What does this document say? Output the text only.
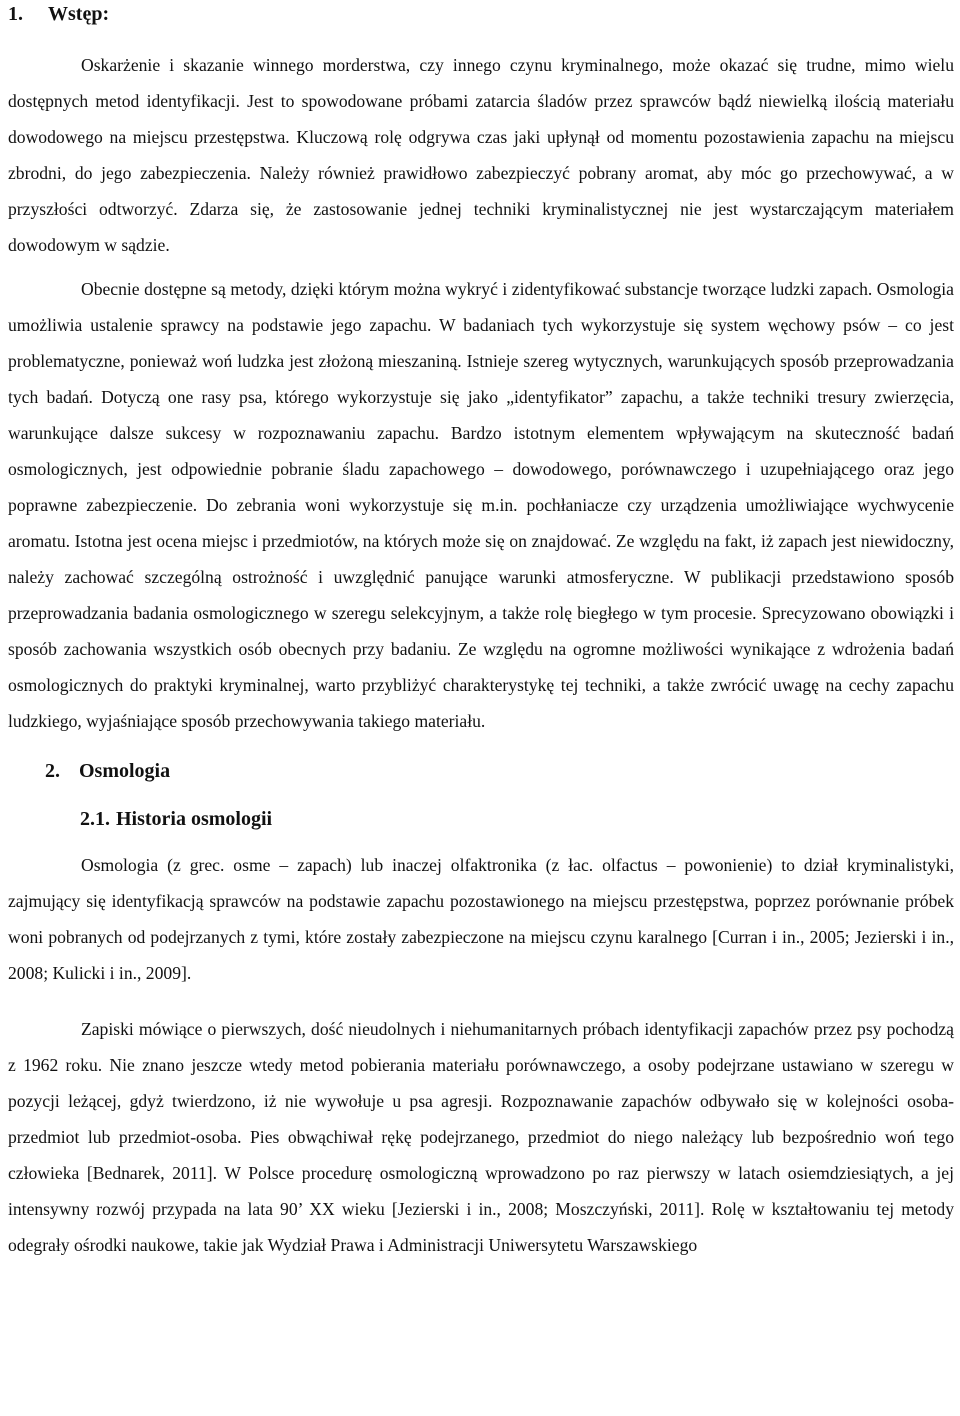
1. Wstęp:

Oskarżenie i skazanie winnego morderstwa, czy innego czynu kryminalnego, może okazać się trudne, mimo wielu dostępnych metod identyfikacji. Jest to spowodowane próbami zatarcia śladów przez sprawców bądź niewielką ilością materiału dowodowego na miejscu przestępstwa. Kluczową rolę odgrywa czas jaki upłynął od momentu pozostawienia zapachu na miejscu zbrodni, do jego zabezpieczenia. Należy również prawidłowo zabezpieczyć pobrany aromat, aby móc go przechowywać, a w przyszłości odtworzyć. Zdarza się, że zastosowanie jednej techniki kryminalistycznej nie jest wystarczającym materiałem dowodowym w sądzie.

Obecnie dostępne są metody, dzięki którym można wykryć i zidentyfikować substancje tworzące ludzki zapach. Osmologia umożliwia ustalenie sprawcy na podstawie jego zapachu. W badaniach tych wykorzystuje się system węchowy psów – co jest problematyczne, ponieważ woń ludzka jest złożoną mieszaniną. Istnieje szereg wytycznych, warunkujących sposób przeprowadzania tych badań. Dotyczą one rasy psa, którego wykorzystuje się jako „identyfikator” zapachu, a także techniki tresury zwierzęcia, warunkujące dalsze sukcesy w rozpoznawaniu zapachu. Bardzo istotnym elementem wpływającym na skuteczność badań osmologicznych, jest odpowiednie pobranie śladu zapachowego – dowodowego, porównawczego i uzupełniającego oraz jego poprawne zabezpieczenie. Do zebrania woni wykorzystuje się m.in. pochłaniacze czy urządzenia umożliwiające wychwycenie aromatu. Istotna jest ocena miejsc i przedmiotów, na których może się on znajdować. Ze względu na fakt, iż zapach jest niewidoczny, należy zachować szczególną ostrożność i uwzględnić panujące warunki atmosferyczne. W publikacji przedstawiono sposób przeprowadzania badania osmologicznego w szeregu selekcyjnym, a także rolę biegłego w tym procesie. Sprecyzowano obowiązki i sposób zachowania wszystkich osób obecnych przy badaniu. Ze względu na ogromne możliwości wynikające z wdrożenia badań osmologicznych do praktyki kryminalnej, warto przybliżyć charakterystykę tej techniki, a także zwrócić uwagę na cechy zapachu ludzkiego, wyjaśniające sposób przechowywania takiego materiału.

2. Osmologia
2.1. Historia osmologii

Osmologia (z grec. osme – zapach) lub inaczej olfaktronika (z łac. olfactus – powonienie) to dział kryminalistyki, zajmujący się identyfikacją sprawców na podstawie zapachu pozostawionego na miejscu przestępstwa, poprzez porównanie próbek woni pobranych od podejrzanych z tymi, które zostały zabezpieczone na miejscu czynu karalnego [Curran i in., 2005; Jezierski i in., 2008; Kulicki i in., 2009].

Zapiski mówiące o pierwszych, dość nieudolnych i niehumanitarnych próbach identyfikacji zapachów przez psy pochodzą z 1962 roku. Nie znano jeszcze wtedy metod pobierania materiału porównawczego, a osoby podejrzane ustawiano w szeregu w pozycji leżącej, gdyż twierdzono, iż nie wywołuje u psa agresji. Rozpoznawanie zapachów odbywało się w kolejności osoba-przedmiot lub przedmiot-osoba. Pies obwąchiwał rękę podejrzanego, przedmiot do niego należący lub bezpośrednio woń tego człowieka [Bednarek, 2011]. W Polsce procedurę osmologiczną wprowadzono po raz pierwszy w latach osiemdziesiątych, a jej intensywny rozwój przypada na lata 90’ XX wieku [Jezierski i in., 2008; Moszczyński, 2011]. Rolę w kształtowaniu tej metody odegrały ośrodki naukowe, takie jak Wydział Prawa i Administracji Uniwersytetu Warszawskiego
